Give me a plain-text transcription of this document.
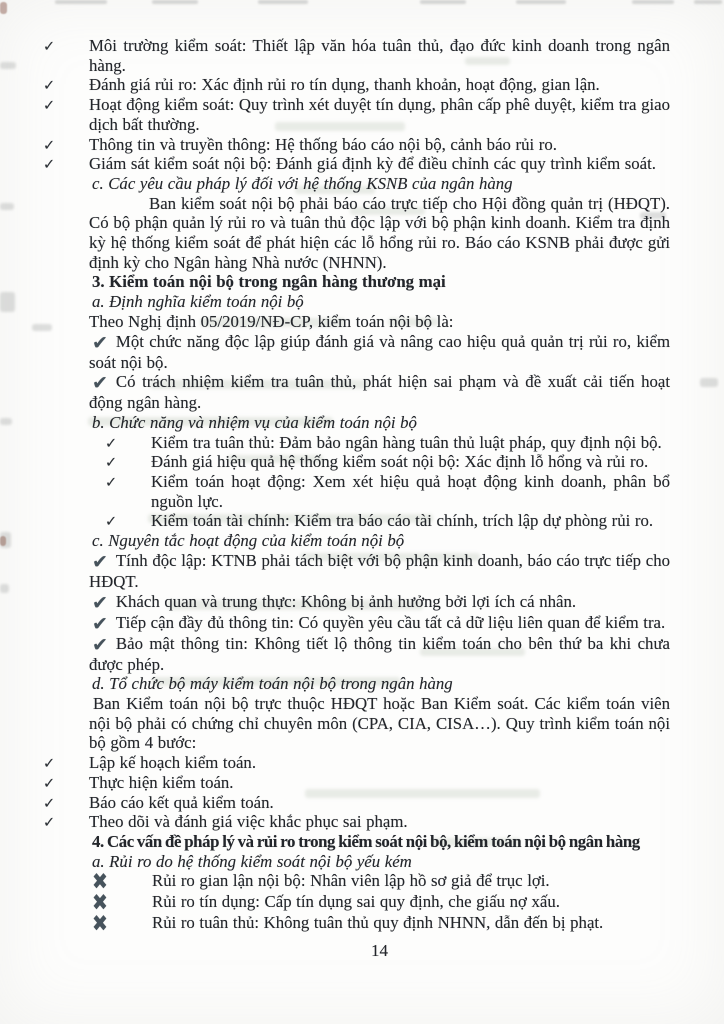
✓ Môi trường kiểm soát: Thiết lập văn hóa tuân thủ, đạo đức kinh doanh trong ngân hàng.
✓ Đánh giá rủi ro: Xác định rủi ro tín dụng, thanh khoản, hoạt động, gian lận.
✓ Hoạt động kiểm soát: Quy trình xét duyệt tín dụng, phân cấp phê duyệt, kiểm tra giao dịch bất thường.
✓ Thông tin và truyền thông: Hệ thống báo cáo nội bộ, cảnh báo rủi ro.
✓ Giám sát kiểm soát nội bộ: Đánh giá định kỳ để điều chỉnh các quy trình kiểm soát.

c. Các yêu cầu pháp lý đối với hệ thống KSNB của ngân hàng

Ban kiểm soát nội bộ phải báo cáo trực tiếp cho Hội đồng quản trị (HĐQT). Có bộ phận quản lý rủi ro và tuân thủ độc lập với bộ phận kinh doanh. Kiểm tra định kỳ hệ thống kiểm soát để phát hiện các lỗ hổng rủi ro. Báo cáo KSNB phải được gửi định kỳ cho Ngân hàng Nhà nước (NHNN).

3. Kiểm toán nội bộ trong ngân hàng thương mại

a. Định nghĩa kiểm toán nội bộ

Theo Nghị định 05/2019/NĐ-CP, kiểm toán nội bộ là:

✔ Một chức năng độc lập giúp đánh giá và nâng cao hiệu quả quản trị rủi ro, kiểm soát nội bộ.
✔ Có trách nhiệm kiểm tra tuân thủ, phát hiện sai phạm và đề xuất cải tiến hoạt động ngân hàng.

b. Chức năng và nhiệm vụ của kiểm toán nội bộ

✓ Kiểm tra tuân thủ: Đảm bảo ngân hàng tuân thủ luật pháp, quy định nội bộ.
✓ Đánh giá hiệu quả hệ thống kiểm soát nội bộ: Xác định lỗ hổng và rủi ro.
✓ Kiểm toán hoạt động: Xem xét hiệu quả hoạt động kinh doanh, phân bổ nguồn lực.
✓ Kiểm toán tài chính: Kiểm tra báo cáo tài chính, trích lập dự phòng rủi ro.

c. Nguyên tắc hoạt động của kiểm toán nội bộ

✔ Tính độc lập: KTNB phải tách biệt với bộ phận kinh doanh, báo cáo trực tiếp cho HĐQT.
✔ Khách quan và trung thực: Không bị ảnh hưởng bởi lợi ích cá nhân.
✔ Tiếp cận đầy đủ thông tin: Có quyền yêu cầu tất cả dữ liệu liên quan để kiểm tra.
✔ Bảo mật thông tin: Không tiết lộ thông tin kiểm toán cho bên thứ ba khi chưa được phép.

d. Tổ chức bộ máy kiểm toán nội bộ trong ngân hàng

Ban Kiểm toán nội bộ trực thuộc HĐQT hoặc Ban Kiểm soát. Các kiểm toán viên nội bộ phải có chứng chỉ chuyên môn (CPA, CIA, CISA…). Quy trình kiểm toán nội bộ gồm 4 bước:

✓ Lập kế hoạch kiểm toán.
✓ Thực hiện kiểm toán.
✓ Báo cáo kết quả kiểm toán.
✓ Theo dõi và đánh giá việc khắc phục sai phạm.

4. Các vấn đề pháp lý và rủi ro trong kiểm soát nội bộ, kiểm toán nội bộ ngân hàng

a. Rủi ro do hệ thống kiểm soát nội bộ yếu kém

✖	Rủi ro gian lận nội bộ: Nhân viên lập hồ sơ giả để trục lợi.
✖	Rủi ro tín dụng: Cấp tín dụng sai quy định, che giấu nợ xấu.
✖	Rủi ro tuân thủ: Không tuân thủ quy định NHNN, dẫn đến bị phạt.
14
